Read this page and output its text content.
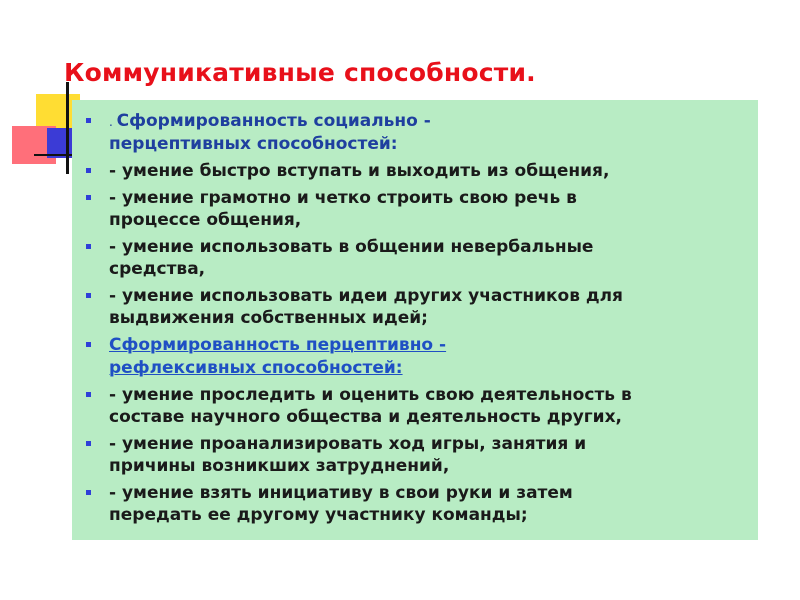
Коммуникативные способности.
. Сформированность социально -
перцептивных способностей:
- умение быстро вступать и выходить из общения,
- умение грамотно и четко строить свою речь в
процессе общения,
- умение использовать в общении невербальные
средства,
- умение использовать идеи других участников для
выдвижения собственных идей;
Сформированность перцептивно -
рефлексивных способностей:
- умение проследить и оценить свою деятельность в
составе научного общества и деятельность других,
- умение проанализировать ход игры, занятия и
причины возникших затруднений,
- умение взять инициативу в свои руки и затем
передать ее другому участнику команды;
